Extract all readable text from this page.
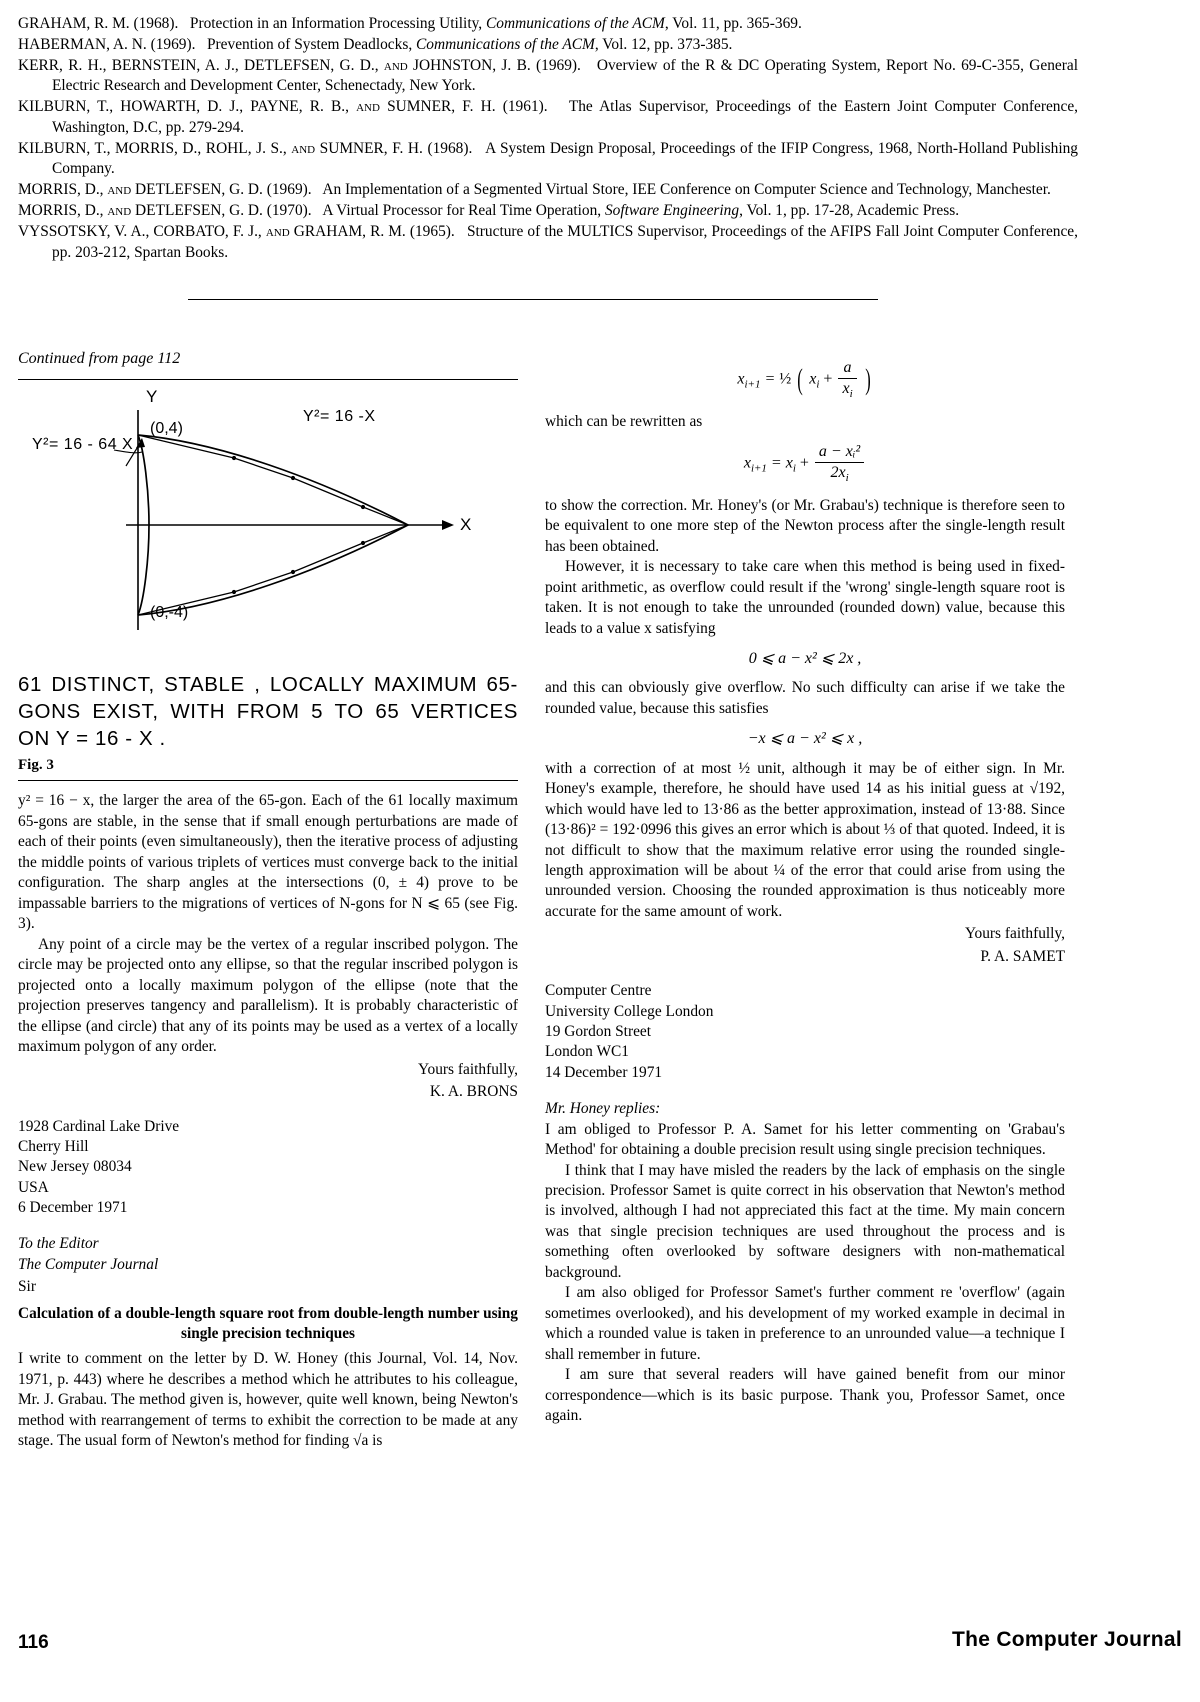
GRAHAM, R. M. (1968). Protection in an Information Processing Utility, Communications of the ACM, Vol. 11, pp. 365-369.

HABERMAN, A. N. (1969). Prevention of System Deadlocks, Communications of the ACM, Vol. 12, pp. 373-385.

KERR, R. H., BERNSTEIN, A. J., DETLEFSEN, G. D., and JOHNSTON, J. B. (1969). Overview of the R & DC Operating System, Report No. 69-C-355, General Electric Research and Development Center, Schenectady, New York.

KILBURN, T., HOWARTH, D. J., PAYNE, R. B., and SUMNER, F. H. (1961). The Atlas Supervisor, Proceedings of the Eastern Joint Computer Conference, Washington, D.C, pp. 279-294.

KILBURN, T., MORRIS, D., ROHL, J. S., and SUMNER, F. H. (1968). A System Design Proposal, Proceedings of the IFIP Congress, 1968, North-Holland Publishing Company.

MORRIS, D., and DETLEFSEN, G. D. (1969). An Implementation of a Segmented Virtual Store, IEE Conference on Computer Science and Technology, Manchester.

MORRIS, D., and DETLEFSEN, G. D. (1970). A Virtual Processor for Real Time Operation, Software Engineering, Vol. 1, pp. 17-28, Academic Press.

VYSSOTSKY, V. A., CORBATO, F. J., and GRAHAM, R. M. (1965). Structure of the MULTICS Supervisor, Proceedings of the AFIPS Fall Joint Computer Conference, pp. 203-212, Spartan Books.

Continued from page 112
Y
X
Y²= 16 - 64 X
Y²= 16 -X
(0,4)
(0,-4)
61 DISTINCT, STABLE , LOCALLY MAXIMUM 65-GONS EXIST, WITH FROM 5 TO 65 VERTICES ON Y = 16 - X .
Fig. 3

y² = 16 − x, the larger the area of the 65-gon. Each of the 61 locally maximum 65-gons are stable, in the sense that if small enough perturbations are made of each of their points (even simultaneously), then the iterative process of adjusting the middle points of various triplets of vertices must converge back to the initial configuration. The sharp angles at the intersections (0, ± 4) prove to be impassable barriers to the migrations of vertices of N-gons for N ⩽ 65 (see Fig. 3).

Any point of a circle may be the vertex of a regular inscribed polygon. The circle may be projected onto any ellipse, so that the regular inscribed polygon is projected onto a locally maximum polygon of the ellipse (note that the projection preserves tangency and parallelism). It is probably characteristic of the ellipse (and circle) that any of its points may be used as a vertex of a locally maximum polygon of any order.

Yours faithfully,
K. A. BRONS
1928 Cardinal Lake Drive
Cherry Hill
New Jersey 08034
USA
6 December 1971
To the Editor
The Computer Journal
Sir
Calculation of a double-length square root from double-length number using single precision techniques

I write to comment on the letter by D. W. Honey (this Journal, Vol. 14, Nov. 1971, p. 443) where he describes a method which he attributes to his colleague, Mr. J. Grabau. The method given is, however, quite well known, being Newton's method with rearrangement of terms to exhibit the correction to be made at any stage. The usual form of Newton's method for finding √a is

$x_{i+1}$ = ½ ( $x_i + \frac{a}{x_i}$ )

which can be rewritten as

$x_{i+1} = x_i + \frac{\text{a − xᵢ²}}{2x_i}$

to show the correction. Mr. Honey's (or Mr. Grabau's) technique is therefore seen to be equivalent to one more step of the Newton process after the single-length result has been obtained.

However, it is necessary to take care when this method is being used in fixed-point arithmetic, as overflow could result if the 'wrong' single-length square root is taken. It is not enough to take the unrounded (rounded down) value, because this leads to a value x satisfying

0 ⩽ a − x² ⩽ 2x ,

and this can obviously give overflow. No such difficulty can arise if we take the rounded value, because this satisfies

−x ⩽ a − x² ⩽ x ,

with a correction of at most ½ unit, although it may be of either sign. In Mr. Honey's example, therefore, he should have used 14 as his initial guess at √192, which would have led to 13·86 as the better approximation, instead of 13·88. Since (13·86)² = 192·0996 this gives an error which is about ⅓ of that quoted. Indeed, it is not difficult to show that the maximum relative error using the rounded single-length approximation will be about ¼ of the error that could arise from using the unrounded version. Choosing the rounded approximation is thus noticeably more accurate for the same amount of work.

Yours faithfully,
P. A. SAMET
Computer Centre
University College London
19 Gordon Street
London WC1
14 December 1971
Mr. Honey replies:

I am obliged to Professor P. A. Samet for his letter commenting on 'Grabau's Method' for obtaining a double precision result using single precision techniques.

I think that I may have misled the readers by the lack of emphasis on the single precision. Professor Samet is quite correct in his observation that Newton's method is involved, although I had not appreciated this fact at the time. My main concern was that single precision techniques are used throughout the process and is something often overlooked by software designers with non-mathematical background.

I am also obliged for Professor Samet's further comment re 'overflow' (again sometimes overlooked), and his development of my worked example in decimal in which a rounded value is taken in preference to an unrounded value—a technique I shall remember in future.

I am sure that several readers will have gained benefit from our minor correspondence—which is its basic purpose. Thank you, Professor Samet, once again.

116	The Computer Journal
